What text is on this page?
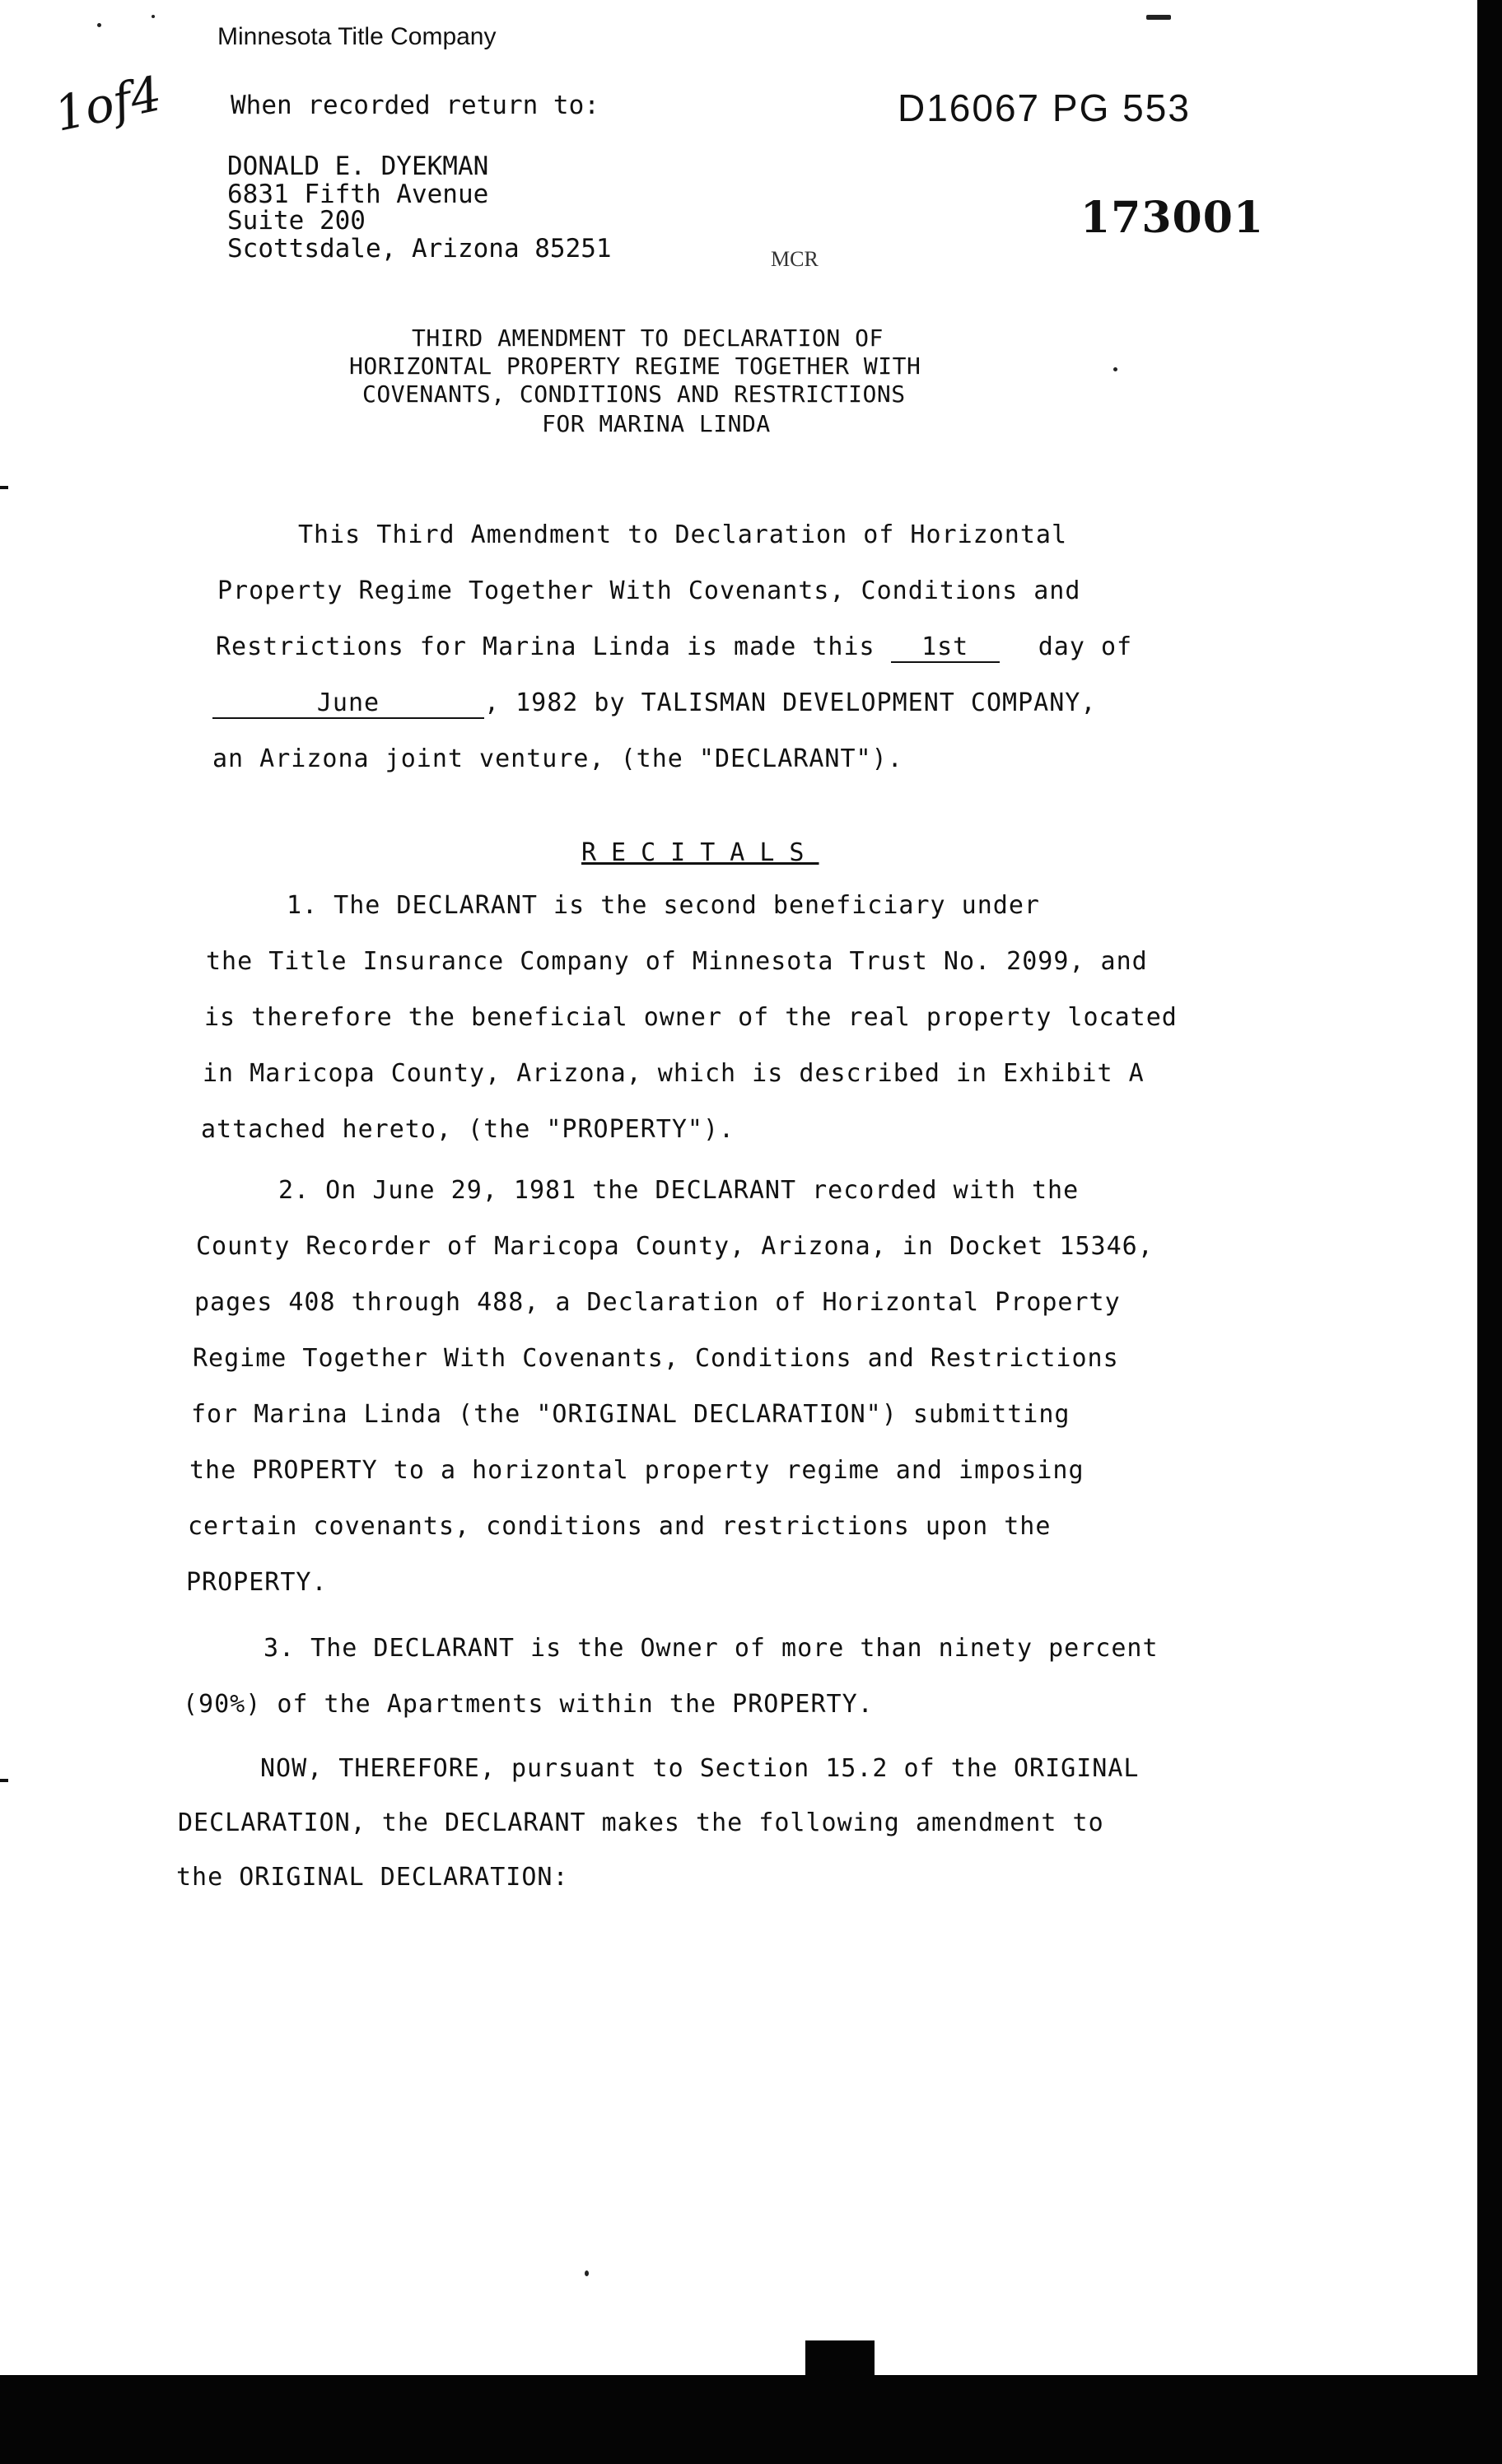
1of4
Minnesota Title Company
When recorded return to:	D16067 PG 553
173001
MCR
DONALD E. DYEKMAN
6831 Fifth Avenue
Suite 200
Scottsdale, Arizona 85251
THIRD AMENDMENT TO DECLARATION OF
HORIZONTAL PROPERTY REGIME TOGETHER WITH
COVENANTS, CONDITIONS AND RESTRICTIONS
FOR MARINA LINDA
This Third Amendment to Declaration of Horizontal
Property Regime Together With Covenants, Conditions and
Restrictions for Marina Linda is made this 1st	day of
June	, 1982 by TALISMAN DEVELOPMENT COMPANY,
an Arizona joint venture, (the "DECLARANT").
RECITALS
1. The DECLARANT is the second beneficiary under
the Title Insurance Company of Minnesota Trust No. 2099, and
is therefore the beneficial owner of the real property located
in Maricopa County, Arizona, which is described in Exhibit A
attached hereto, (the "PROPERTY").
2. On June 29, 1981 the DECLARANT recorded with the
County Recorder of Maricopa County, Arizona, in Docket 15346,
pages 408 through 488, a Declaration of Horizontal Property
Regime Together With Covenants, Conditions and Restrictions
for Marina Linda (the "ORIGINAL DECLARATION") submitting
the PROPERTY to a horizontal property regime and imposing
certain covenants, conditions and restrictions upon the
PROPERTY.
3. The DECLARANT is the Owner of more than ninety percent
(90%) of the Apartments within the PROPERTY.
NOW, THEREFORE, pursuant to Section 15.2 of the ORIGINAL
DECLARATION, the DECLARANT makes the following amendment to
the ORIGINAL DECLARATION:
